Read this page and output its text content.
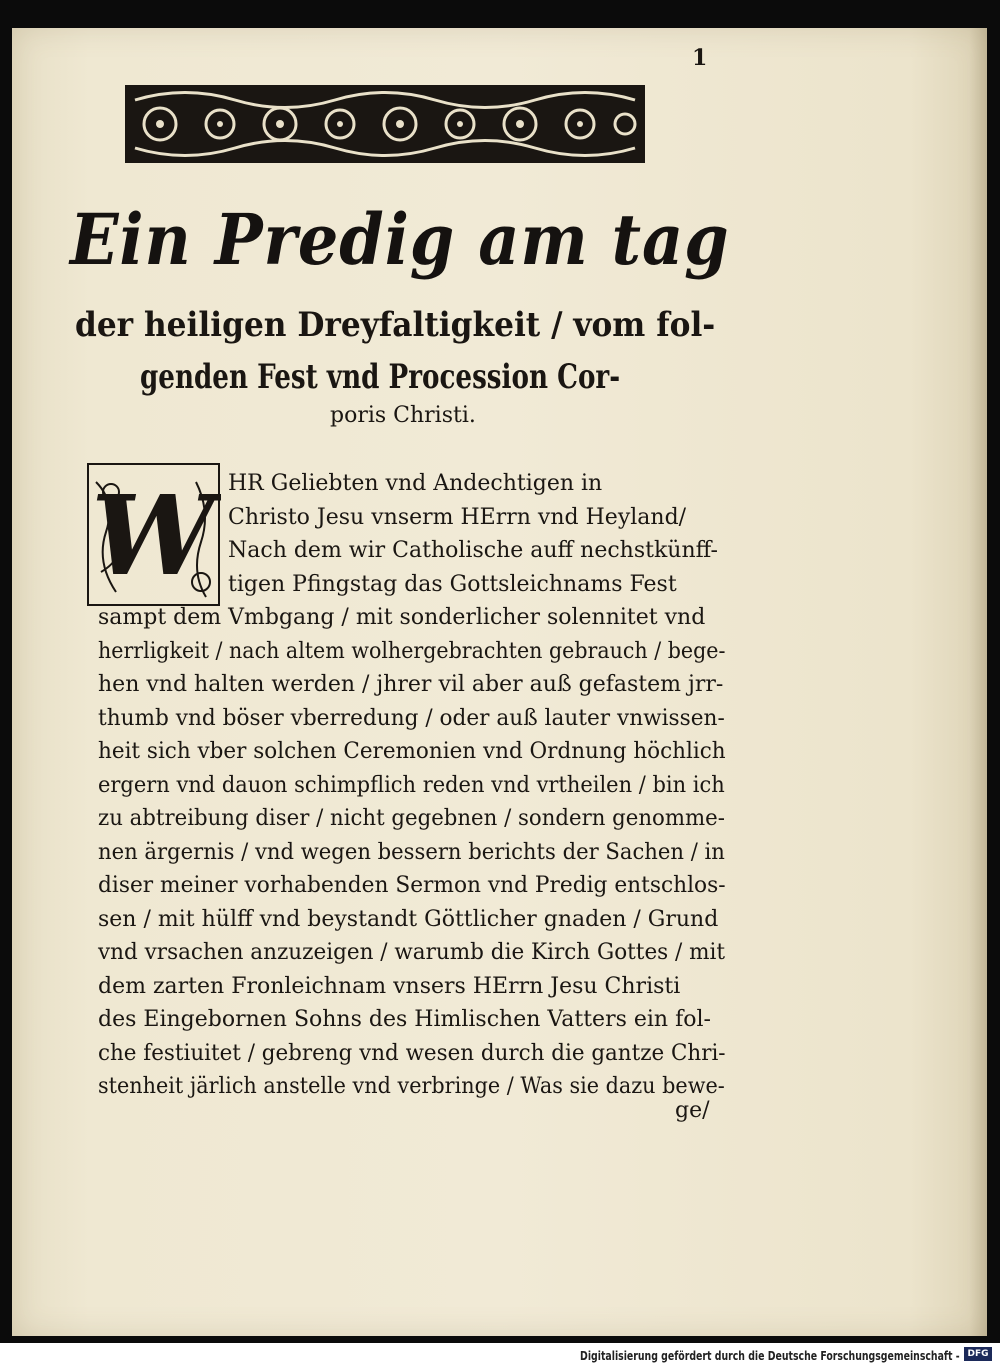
1
Ein Predig am tag
der heiligen Dreyfaltigkeit / vom fol-
genden Fest vnd Procession Cor-
poris Christi.
W HR Geliebten vnd Andechtigen in
Christo Jesu vnserm HErrn vnd Heyland/
Nach dem wir Catholische auff nechstkünff-
tigen Pfingstag das Gottsleichnams Fest
sampt dem Vmbgang / mit sonderlicher solennitet vnd
herrligkeit / nach altem wolhergebrachten gebrauch / bege-
hen vnd halten werden / jhrer vil aber auß gefastem jrr-
thumb vnd böser vberredung / oder auß lauter vnwissen-
heit sich vber solchen Ceremonien vnd Ordnung höchlich
ergern vnd dauon schimpflich reden vnd vrtheilen / bin ich
zu abtreibung diser / nicht gegebnen / sondern genomme-
nen ärgernis / vnd wegen bessern berichts der Sachen / in
diser meiner vorhabenden Sermon vnd Predig entschlos-
sen / mit hülff vnd beystandt Göttlicher gnaden / Grund
vnd vrsachen anzuzeigen / warumb die Kirch Gottes / mit
dem zarten Fronleichnam vnsers HErrn Jesu Christi
des Eingebornen Sohns des Himlischen Vatters ein fol-
che festiuitet / gebreng vnd wesen durch die gantze Chri-
stenheit järlich anstelle vnd verbringe / Was sie dazu bewe-
ge/
Digitalisierung gefördert durch die Deutsche Forschungsgemeinschaft - DFG
